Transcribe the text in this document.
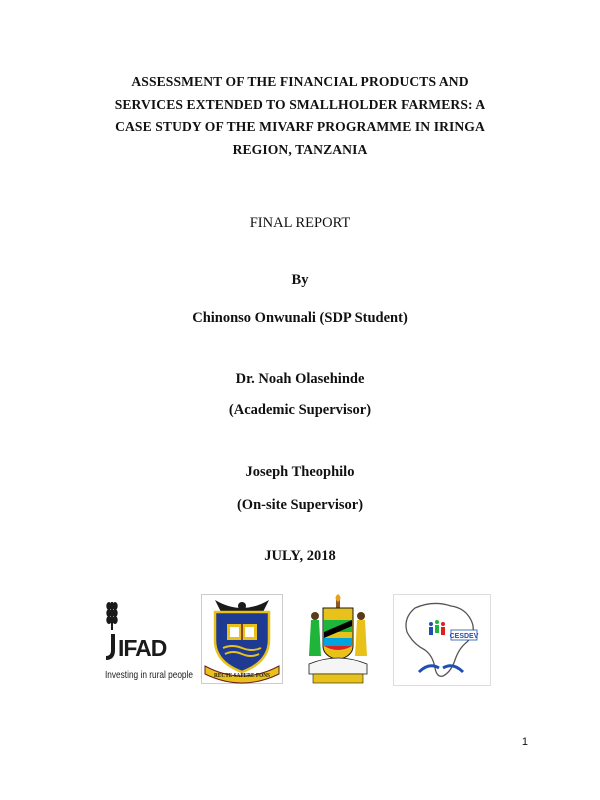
ASSESSMENT OF THE FINANCIAL PRODUCTS AND
SERVICES EXTENDED TO SMALLHOLDER FARMERS: A
CASE STUDY OF THE MIVARF PROGRAMME IN IRINGA
REGION, TANZANIA
FINAL REPORT
By
Chinonso Onwunali (SDP Student)
Dr. Noah Olasehinde
(Academic Supervisor)
Joseph Theophilo
(On-site Supervisor)
JULY, 2018
IFAD
Investing in rural people	RECTE SAPERE FONS
CESDEV
1
